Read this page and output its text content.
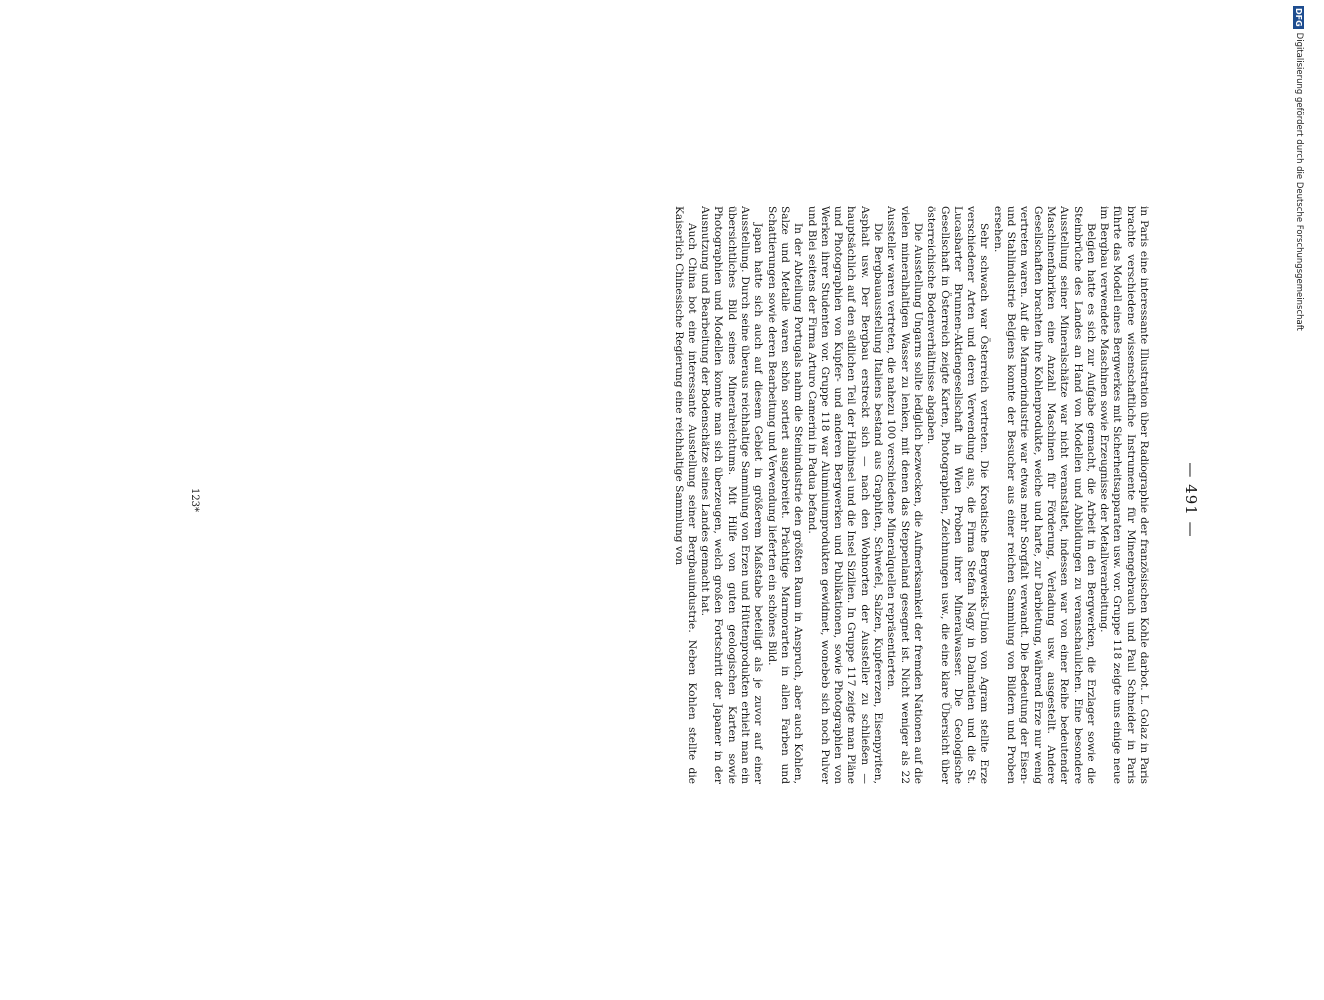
— 491 —

in Paris eine interessante Illustration über Radiographie der französischen Kohle darbot. L. Golaz in Paris brachte verschiedene wissenschaftliche Instrumente für Minengebrauch und Paul Schneider in Paris führte das Modell eines Bergwerkes mit Sicherheitsapparaten usw. vor. Gruppe 118 zeigte uns einige neue im Bergbau verwendete Maschinen sowie Erzeugnisse der Metallverarbeitung.

Belgien hatte es sich zur Aufgabe gemacht, die Arbeit in den Bergwerken, die Erzlager sowie die Steinbrüche des Landes an Hand von Modellen und Abbildungen zu veranschaulichen. Eine besondere Ausstellung seiner Mineralschätze war nicht veranstaltet, indessen war von einer Reihe bedeutender Maschinenfabriken eine Anzahl Maschinen für Förderung, Verladung usw. ausgestellt. Andere Gesellschaften brachten ihre Kohlenprodukte, weiche und harte, zur Darbietung, während Erze nur wenig vertreten waren. Auf die Marmorindustrie war etwas mehr Sorgfalt verwandt. Die Bedeutung der Eisen- und Stahlindustrie Belgiens konnte der Besucher aus einer reichen Sammlung von Bildern und Proben ersehen.

Sehr schwach war Österreich vertreten. Die Kroatische Bergwerks-Union von Agram stellte Erze verschiedener Arten und deren Verwendung aus, die Firma Stefan Nagy in Dalmatien und die St. Lucasbarter Brunnen-Aktiengesellschaft in Wien Proben ihrer Mineralwasser. Die Geologische Gesellschaft in Österreich zeigte Karten, Photographien, Zeichnungen usw., die eine klare Übersicht über österreichische Bodenverhältnisse abgaben.

Die Ausstellung Ungarns sollte lediglich bezwecken, die Aufmerksamkeit der fremden Nationen auf die vielen mineralhaltigen Wasser zu lenken, mit denen das Steppenland gesegnet ist. Nicht weniger als 22 Aussteller waren vertreten, die nahezu 100 verschiedene Mineralquellen repräsentierten.

Die Bergbauausstellung Italiens bestand aus Graphiten, Schwefel, Salzen, Kupfererzen, Eisenpyriten, Asphalt usw. Der Bergbau erstreckt sich — nach den Wohnorten der Aussteller zu schließen — hauptsächlich auf den südlichen Teil der Halbinsel und die Insel Sizilien. In Gruppe 117 zeigte man Pläne und Photographien von Kupfer- und anderen Bergwerken und Publikationen, sowie Photographien von Werken ihrer Studenten vor. Gruppe 118 war Aluminiumprodukten gewidmet, wonebeb sich noch Pulver und Blei seitens der Firma Arturo Camerini in Padua befand.

In der Abteilung Portugals nahm die Steinindustrie den größten Raum in Anspruch, aber auch Kohlen, Salze und Metalle waren schön sortiert ausgebreitet. Prächtige Marmorarten in allen Farben und Schattierungen sowie deren Bearbeitung und Verwendung lieferten ein schönes Bild.

Japan hatte sich auch auf diesem Gebiet in größerem Maßstabe beteiligt als je zuvor auf einer Ausstellung. Durch seine überaus reichhaltige Sammlung von Erzen und Hüttenprodukten erhielt man ein übersichtliches Bild seines Mineralreichtums. Mit Hilfe von guten geologischen Karten sowie Photographien und Modellen konnte man sich überzeugen, welch großen Fortschritt der Japaner in der Ausnutzung und Bearbeitung der Bodenschätze seines Landes gemacht hat.

Auch China bot eine interessante Ausstellung seiner Bergbauindustrie. Neben Kohlen stellte die Kaiserlich Chinesische Regierung eine reichhaltige Sammlung von

123*
DFG
Digitalisierung gefördert durch die Deutsche Forschungsgemeinschaft
